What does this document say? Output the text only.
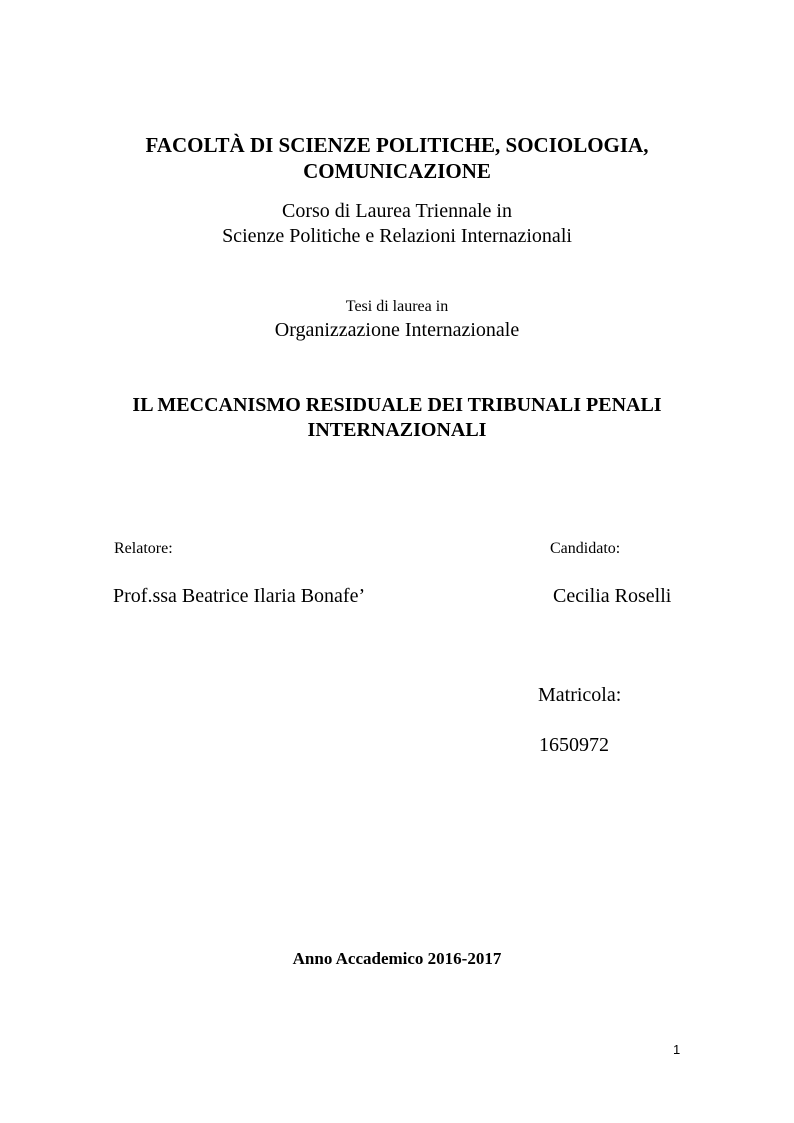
FACOLTÀ DI SCIENZE POLITICHE, SOCIOLOGIA,
COMUNICAZIONE
Corso di Laurea Triennale in
Scienze Politiche e Relazioni Internazionali
Tesi di laurea in
Organizzazione Internazionale
IL MECCANISMO RESIDUALE DEI TRIBUNALI PENALI
INTERNAZIONALI
Relatore:	Candidato:
Prof.ssa Beatrice Ilaria Bonafe’	Cecilia Roselli
Matricola:
1650972
Anno Accademico 2016-2017
1
